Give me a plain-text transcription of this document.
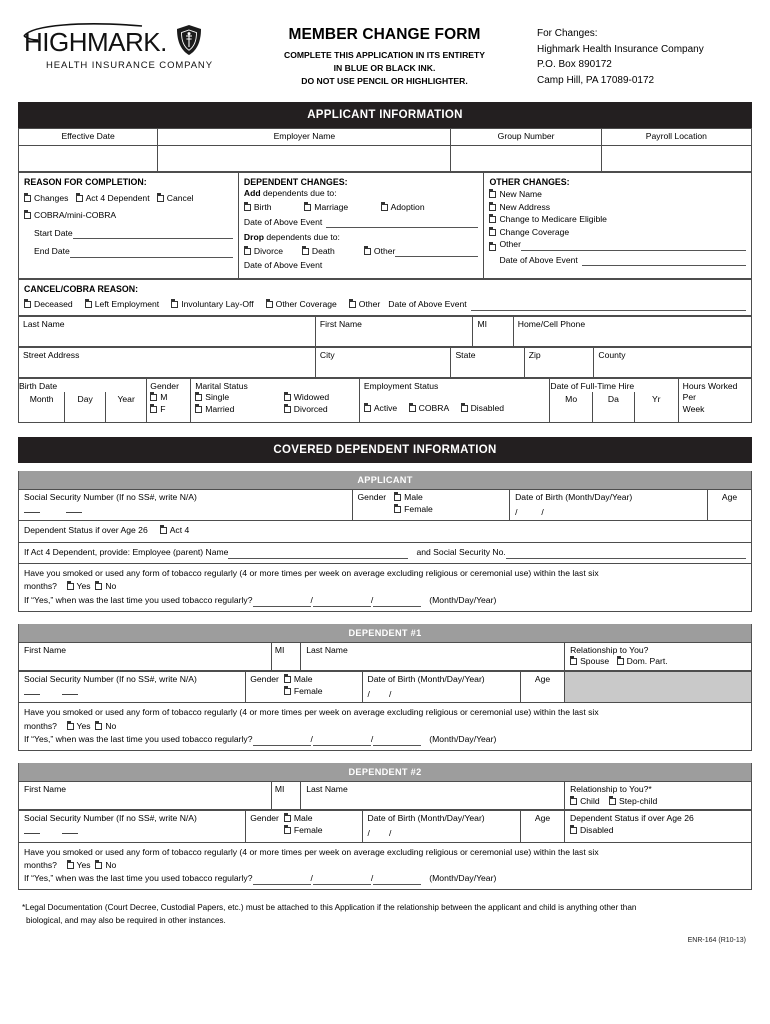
HIGHMARK.
HEALTH INSURANCE COMPANY
MEMBER CHANGE FORM
COMPLETE THIS APPLICATION IN ITS ENTIRETY
IN BLUE OR BLACK INK.
DO NOT USE PENCIL OR HIGHLIGHTER.
For Changes:
Highmark Health Insurance Company
P.O. Box 890172
Camp Hill, PA 17089-0172
APPLICANT INFORMATION
Effective Date	Employer Name	Group Number	Payroll Location

REASON FOR COMPLETION:
Changes Act 4 Dependent Cancel
COBRA/mini-COBRA
Start Date
End Date

DEPENDENT CHANGES:
Add dependents due to:
Birth	Marriage	Adoption
Date of Above Event
Drop dependents due to:
Divorce	Death	Other
Date of Above Event

OTHER CHANGES:
New Name
New Address
Change to Medicare Eligible
Change Coverage
Other
Date of Above Event
CANCEL/COBRA REASON:
Deceased	Left Employment	Involuntary Lay-Off	Other Coverage	Other Date of Above Event
Last Name	First Name	MI	Home/Cell Phone
Street Address	City	State	Zip	County
Birth Date
Month	Day	Year

Gender
M
F

Marital Status
Single	Widowed
Married	Divorced

Employment Status
Active COBRA Disabled

Date of Full-Time Hire
Mo	Da	Yr

Hours Worked
Per
Week
COVERED DEPENDENT INFORMATION
APPLICANT
Social Security Number (If no SS#, write N/A)	Gender	Male
Female

Date of Birth (Month/Day/Year)
/          /
	Age
Dependent Status if over Age 26	Act 4
If Act 4 Dependent, provide: Employee (parent) Name	and Social Security No.
Have you smoked or used any form of tobacco regularly (4 or more times per week on average excluding religious or ceremonial use) within the last six
months? Yes No
If “Yes,” when was the last time you used tobacco regularly?	/	/	(Month/Day/Year)
DEPENDENT #1
First Name	MI	Last Name	Relationship to You?
Spouse Dom. Part.
Social Security Number (If no SS#, write N/A)	Gender	Male
Female

Date of Birth (Month/Day/Year)
/        /
	Age	
Have you smoked or used any form of tobacco regularly (4 or more times per week on average excluding religious or ceremonial use) within the last six
months? Yes No
If “Yes,” when was the last time you used tobacco regularly?	/	/	(Month/Day/Year)
DEPENDENT #2
First Name	MI	Last Name	Relationship to You?*
Child Step-child
Social Security Number (If no SS#, write N/A)	Gender	Male
Female

Date of Birth (Month/Day/Year)
/        /
	Age	Dependent Status if over Age 26
Disabled
Have you smoked or used any form of tobacco regularly (4 or more times per week on average excluding religious or ceremonial use) within the last six
months? Yes No
If “Yes,” when was the last time you used tobacco regularly?	/	/	(Month/Day/Year)
*Legal Documentation (Court Decree, Custodial Papers, etc.) must be attached to this Application if the relationship between the applicant and child is anything other than
biological, and may also be required in other instances.
ENR-164 (R10-13)
